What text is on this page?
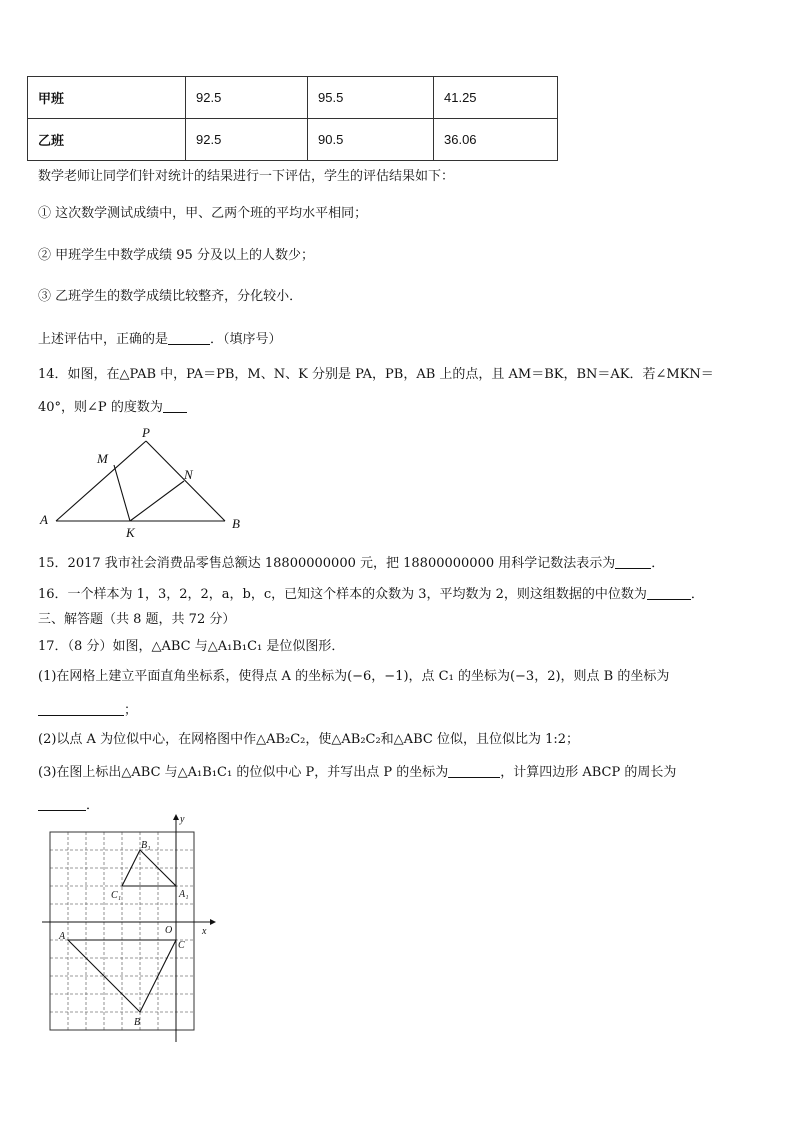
甲班	92.5	95.5	41.25
乙班	92.5	90.5	36.06
数学老师让同学们针对统计的结果进行一下评估，学生的评估结果如下：
① 这次数学测试成绩中，甲、乙两个班的平均水平相同；
② 甲班学生中数学成绩 95 分及以上的人数少；
③ 乙班学生的数学成绩比较整齐，分化较小．
上述评估中，正确的是	．（填序号）
14．如图，在△PAB 中，PA＝PB，M、N、K 分别是 PA，PB，AB 上的点，且 AM＝BK，BN＝AK．若∠MKN＝
40°，则∠P 的度数为
P
M
N
A
K
B
15．2017 我市社会消费品零售总额达 18800000000 元，把 18800000000 用科学记数法表示为	．
16．一个样本为 1，3，2，2，a，b，c，已知这个样本的众数为 3，平均数为 2，则这组数据的中位数为	．
三、解答题（共 8 题，共 72 分）
17．（8 分）如图，△ABC 与△A₁B₁C₁ 是位似图形．
(1)在网格上建立平面直角坐标系，使得点 A 的坐标为(−6，−1)，点 C₁ 的坐标为(−3，2)，则点 B 的坐标为
；
(2)以点 A 为位似中心，在网格图中作△AB₂C₂，使△AB₂C₂和△ABC 位似，且位似比为 1:2；
(3)在图上标出△ABC 与△A₁B₁C₁ 的位似中心 P，并写出点 P 的坐标为	，计算四边形 ABCP 的周长为
．
y
x
O
A
B
C
A₁
B₁
C₁
